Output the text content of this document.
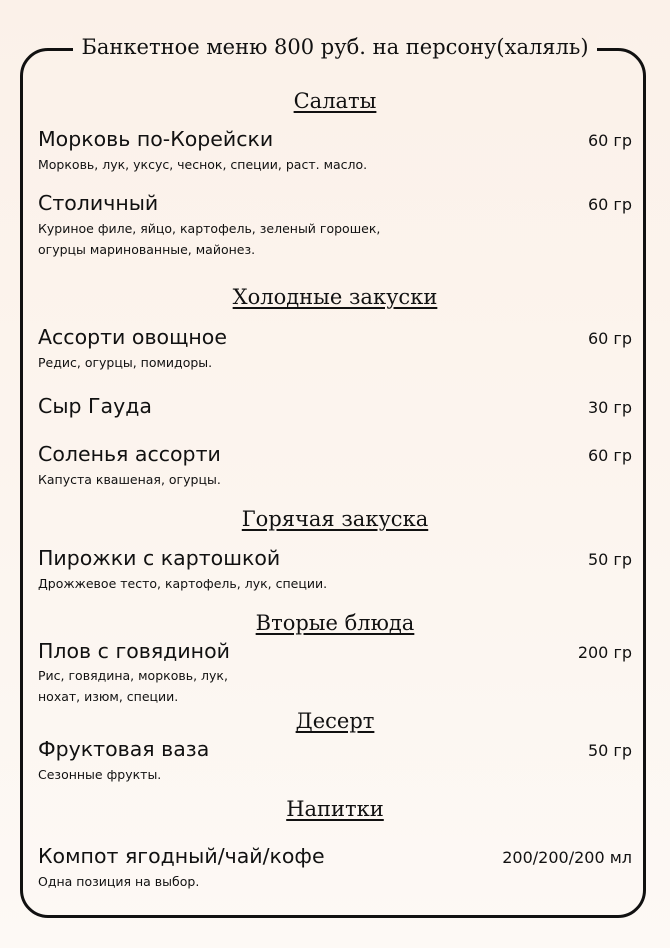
Банкетное меню 800 руб. на персону(халяль)
Салаты
Морковь по-Корейски	60 гр
Морковь, лук, уксус, чеснок, специи, раст. масло.
Столичный	60 гр
Куриное филе, яйцо, картофель, зеленый горошек,
огурцы маринованные, майонез.
Холодные закуски
Ассорти овощное	60 гр
Редис, огурцы, помидоры.
Сыр Гауда	30 гр
Соленья ассорти	60 гр
Капуста квашеная, огурцы.
Горячая закуска
Пирожки с картошкой	50 гр
Дрожжевое тесто, картофель, лук, специи.
Вторые блюда
Плов с говядиной	200 гр
Рис, говядина, морковь, лук,
нохат, изюм, специи.
Десерт
Фруктовая ваза	50 гр
Сезонные фрукты.
Напитки
Компот ягодный/чай/кофе	200/200/200 мл
Одна позиция на выбор.
